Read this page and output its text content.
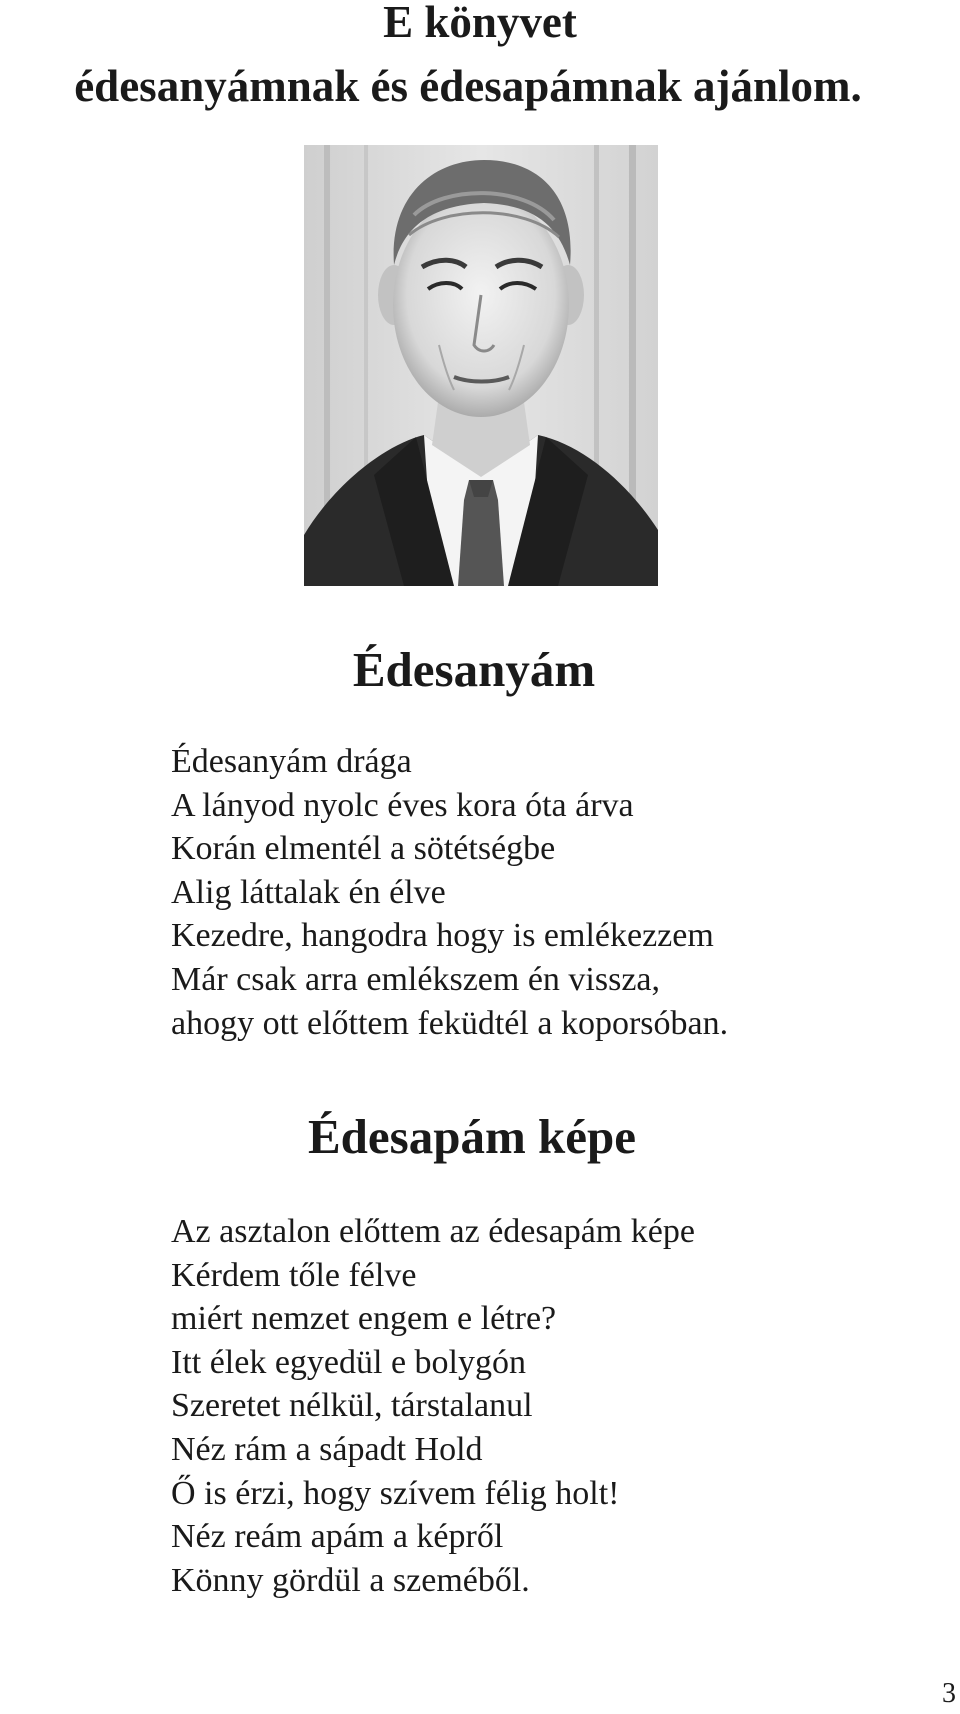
E könyvet
édesanyámnak és édesapámnak ajánlom.
Édesanyám
Édesanyám drága
A lányod nyolc éves kora óta árva
Korán elmentél a sötétségbe
Alig láttalak én élve
Kezedre, hangodra hogy is emlékezzem
Már csak arra emlékszem én vissza,
ahogy ott előttem feküdtél a koporsóban.
Édesapám képe
Az asztalon előttem az édesapám képe
Kérdem tőle félve
miért nemzet engem e létre?
Itt élek egyedül e bolygón
Szeretet nélkül, társtalanul
Néz rám a sápadt Hold
Ő is érzi, hogy szívem félig holt!
Néz reám apám a képről
Könny gördül a szeméből.
3
